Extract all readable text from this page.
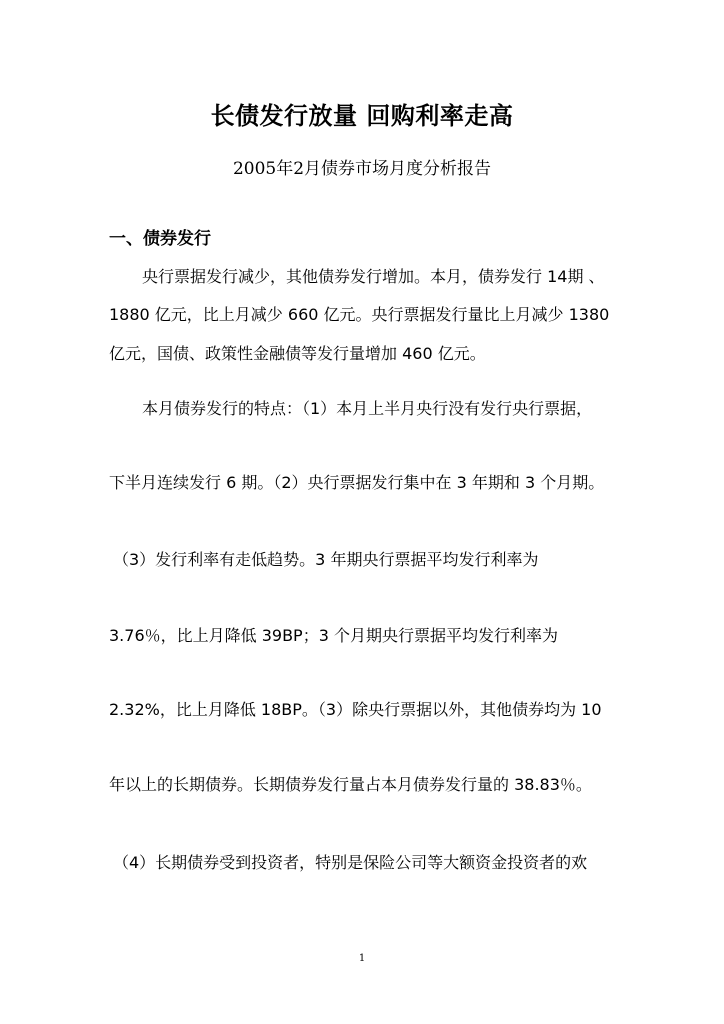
长债发行放量 回购利率走高
2005年2月债券市场月度分析报告
一、债券发行
央行票据发行减少，其他债券发行增加。本月，债券发行 14期 、
1880 亿元，比上月减少 660 亿元。央行票据发行量比上月减少 1380
亿元，国债、政策性金融债等发行量增加 460 亿元。
本月债券发行的特点：（1）本月上半月央行没有发行央行票据，
下半月连续发行 6 期。（2）央行票据发行集中在 3 年期和 3 个月期。
（3）发行利率有走低趋势。3 年期央行票据平均发行利率为
3.76％，比上月降低 39BP；3 个月期央行票据平均发行利率为
2.32%，比上月降低 18BP。（3）除央行票据以外，其他债券均为 10
年以上的长期债券。长期债券发行量占本月债券发行量的 38.83％。
（4）长期债券受到投资者，特别是保险公司等大额资金投资者的欢
1
